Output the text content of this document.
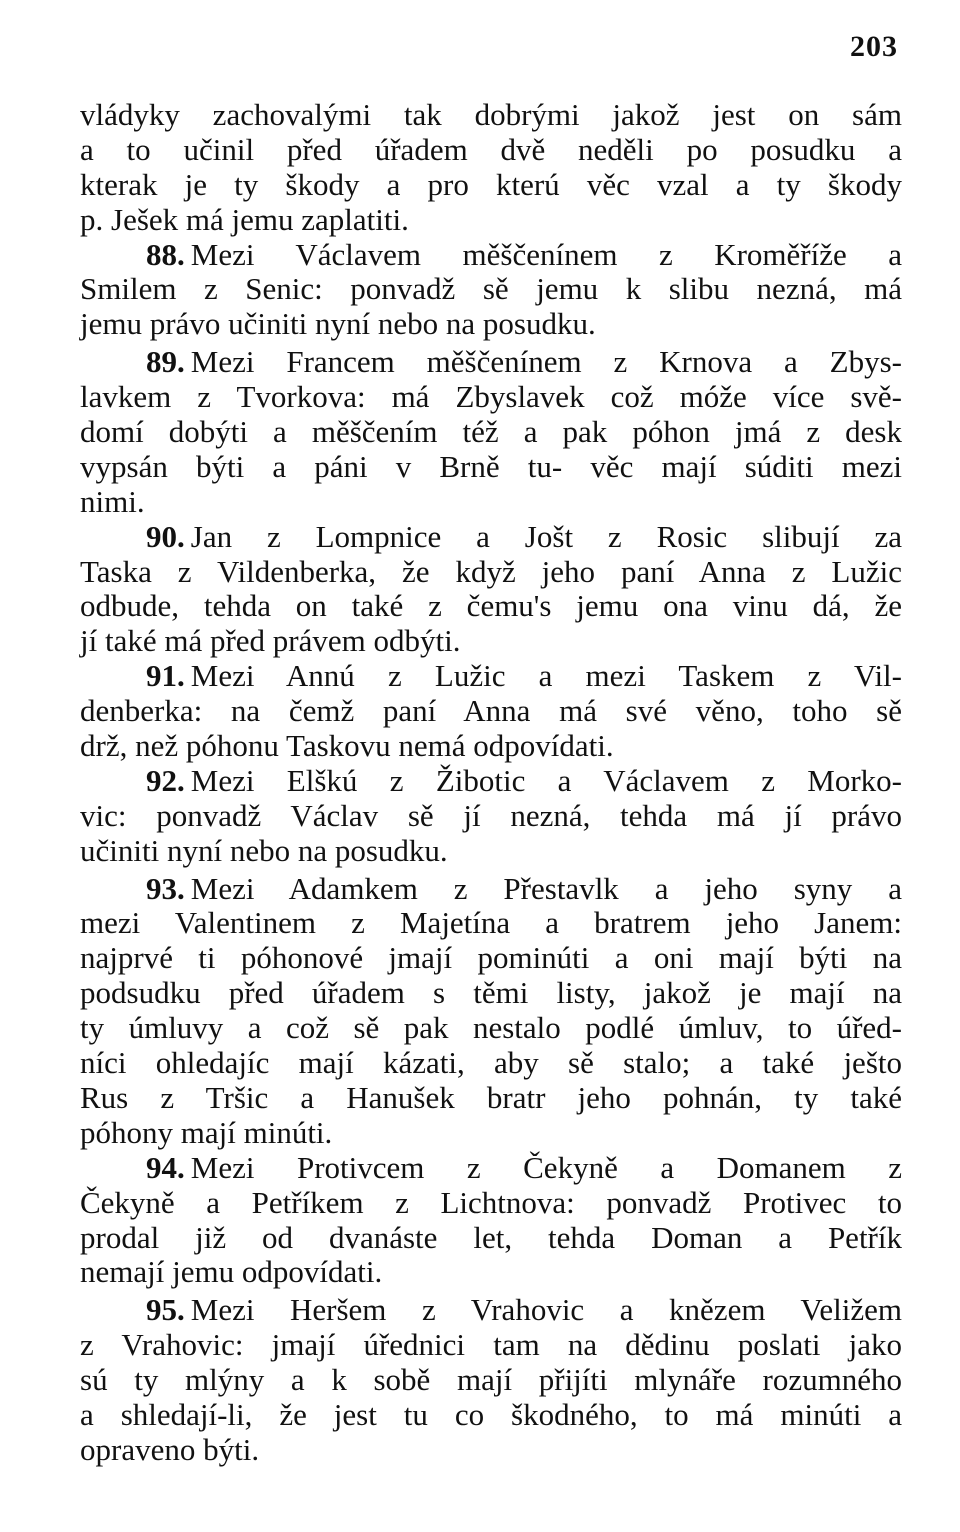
203
vládyky zachovalými tak dobrými jakož jest on sám
a to učinil před úřadem dvě neděli po posudku a
kterak je ty škody a pro kterú věc vzal a ty škody
p. Ješek má jemu zaplatiti.
88. Mezi Václavem měščenínem z Kroměříže a
Smilem z Senic: ponvadž sě jemu k slibu nezná, má
jemu právo učiniti nyní nebo na posudku.
89. Mezi Francem měščenínem z Krnova a Zbys-
lavkem z Tvorkova: má Zbyslavek což móže více svě-
domí dobýti a měščením též a pak póhon jmá z desk
vypsán býti a páni v Brně tu- věc mají súditi mezi
nimi.
90. Jan z Lompnice a Jošt z Rosic slibují za
Taska z Vildenberka, že když jeho paní Anna z Lužic
odbude, tehda on také z čemu's jemu ona vinu dá, že
jí také má před právem odbýti.
91. Mezi Annú z Lužic a mezi Taskem z Vil-
denberka: na čemž paní Anna má své věno, toho sě
drž, než póhonu Taskovu nemá odpovídati.
92. Mezi Elškú z Žibotic a Václavem z Morko-
vic: ponvadž Václav sě jí nezná, tehda má jí právo
učiniti nyní nebo na posudku.
93. Mezi Adamkem z Přestavlk a jeho syny a
mezi Valentinem z Majetína a bratrem jeho Janem:
najprvé ti póhonové jmají pominúti a oni mají býti na
podsudku před úřadem s těmi listy, jakož je mají na
ty úmluvy a což sě pak nestalo podlé úmluv, to úřed-
níci ohledajíc mají kázati, aby sě stalo; a také ješto
Rus z Tršic a Hanušek bratr jeho pohnán, ty také
póhony mají minúti.
94. Mezi Protivcem z Čekyně a Domanem z
Čekyně a Petříkem z Lichtnova: ponvadž Protivec to
prodal již od dvanáste let, tehda Doman a Petřík
nemají jemu odpovídati.
95. Mezi Heršem z Vrahovic a knězem Veližem
z Vrahovic: jmají úřednici tam na dědinu poslati jako
sú ty mlýny a k sobě mají přijíti mlynáře rozumného
a shledají-li, že jest tu co škodného, to má minúti a
opraveno býti.
